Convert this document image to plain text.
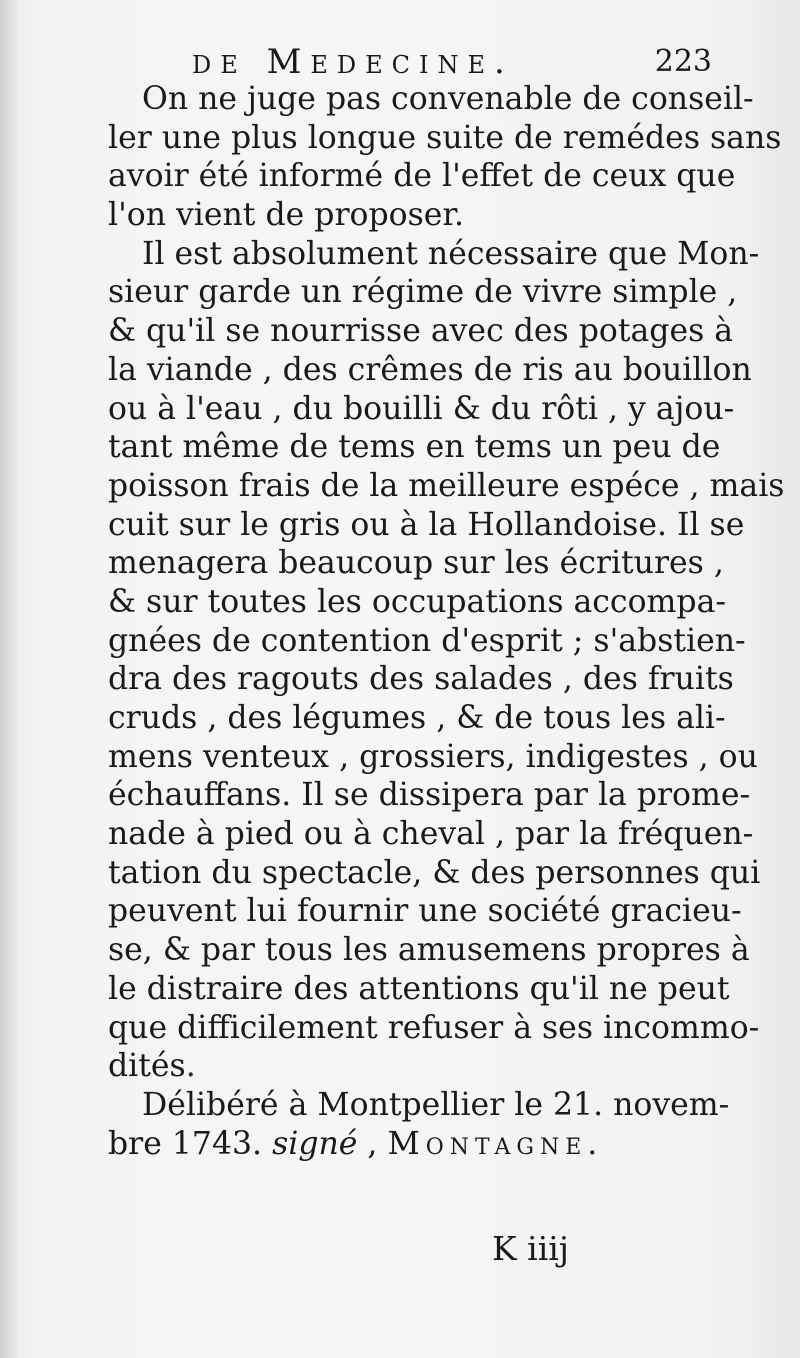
de Medecine.	223
On ne juge pas convenable de conseil-
ler une plus longue suite de remédes sans
avoir été informé de l'effet de ceux que
l'on vient de proposer.
Il est absolument nécessaire que Mon-
sieur garde un régime de vivre simple ,
& qu'il se nourrisse avec des potages à
la viande , des crêmes de ris au bouillon
ou à l'eau , du bouilli & du rôti , y ajou-
tant même de tems en tems un peu de
poisson frais de la meilleure espéce , mais
cuit sur le gris ou à la Hollandoise. Il se
menagera beaucoup sur les écritures ,
& sur toutes les occupations accompa-
gnées de contention d'esprit ; s'abstien-
dra des ragouts des salades , des fruits
cruds , des légumes , & de tous les ali-
mens venteux , grossiers, indigestes , ou
échauffans. Il se dissipera par la prome-
nade à pied ou à cheval , par la fréquen-
tation du spectacle, & des personnes qui
peuvent lui fournir une société gracieu-
se, & par tous les amusemens propres à
le distraire des attentions qu'il ne peut
que difficilement refuser à ses incommo-
dités.
Délibéré à Montpellier le 21. novem-
bre 1743. signé , Montagne.
K iiij
